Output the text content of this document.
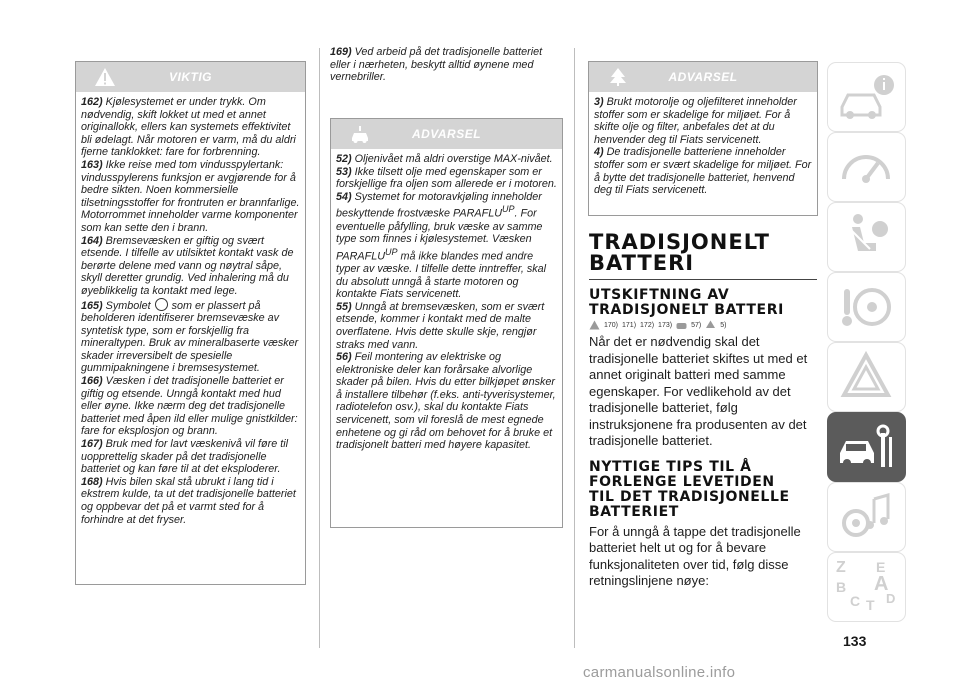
VIKTIG

162) Kjølesystemet er under trykk. Om nødvendig, skift lokket ut med et annet originallokk, ellers kan systemets effektivitet bli ødelagt. Når motoren er varm, må du aldri fjerne tanklokket: fare for forbrenning.

163) Ikke reise med tom vindusspylertank: vindusspylerens funksjon er avgjørende for å bedre sikten. Noen kommersielle tilsetningsstoffer for frontruten er brannfarlige. Motorrommet inneholder varme komponenter som kan sette den i brann.

164) Bremsevæsken er giftig og svært etsende. I tilfelle av utilsiktet kontakt vask de berørte delene med vann og nøytral såpe, skyll deretter grundig. Ved inhalering må du øyeblikkelig ta kontakt med lege.

165) Symbolet som er plassert på beholderen identifiserer bremsevæske av syntetisk type, som er forskjellig fra mineraltypen. Bruk av mineralbaserte væsker skader irreversibelt de spesielle gummipakningene i bremsesystemet.

166) Væsken i det tradisjonelle batteriet er giftig og etsende. Unngå kontakt med hud eller øyne. Ikke nærm deg det tradisjonelle batteriet med åpen ild eller mulige gnistkilder: fare for eksplosjon og brann.

167) Bruk med for lavt væskenivå vil føre til uopprettelig skader på det tradisjonelle batteriet og kan føre til at det eksploderer.

168) Hvis bilen skal stå ubrukt i lang tid i ekstrem kulde, ta ut det tradisjonelle batteriet og oppbevar det på et varmt sted for å forhindre at det fryser.

169) Ved arbeid på det tradisjonelle batteriet eller i nærheten, beskytt alltid øynene med vernebriller.

ADVARSEL

52) Oljenivået må aldri overstige MAX-nivået.

53) Ikke tilsett olje med egenskaper som er forskjellige fra oljen som allerede er i motoren.

54) Systemet for motoravkjøling inneholder beskyttende frostvæske $PARAFLU^{UP}$. For eventuelle påfylling, bruk væske av samme type som finnes i kjølesystemet. Væsken $PARAFLU^{UP}$ må ikke blandes med andre typer av væske. I tilfelle dette inntreffer, skal du absolutt unngå å starte motoren og kontakte Fiats servicenett.

55) Unngå at bremsevæsken, som er svært etsende, kommer i kontakt med de malte overflatene. Hvis dette skulle skje, rengjør straks med vann.

56) Feil montering av elektriske og elektroniske deler kan forårsake alvorlige skader på bilen. Hvis du etter bilkjøpet ønsker å installere tilbehør (f.eks. anti-tyverisystemer, radiotelefon osv.), skal du kontakte Fiats servicenett, som vil foreslå de mest egnede enhetene og gi råd om behovet for å bruke et tradisjonelt batteri med høyere kapasitet.

ADVARSEL

3) Brukt motorolje og oljefilteret inneholder stoffer som er skadelige for miljøet. For å skifte olje og filter, anbefales det at du henvender deg til Fiats servicenett.

4) De tradisjonelle batteriene inneholder stoffer som er svært skadelige for miljøet. For å bytte det tradisjonelle batteriet, henvend deg til Fiats servicenett.

TRADISJONELT
BATTERI
UTSKIFTNING AV
TRADISJONELT BATTERI
170) 171) 172) 173)	57)	5)

Når det er nødvendig skal det tradisjonelle batteriet skiftes ut med et annet originalt batteri med samme egenskaper. For vedlikehold av det tradisjonelle batteriet, følg instruksjonene fra produsenten av det tradisjonelle batteriet.

NYTTIGE TIPS TIL Å
FORLENGE LEVETIDEN
TIL DET TRADISJONELLE
BATTERIET

For å unngå å tappe det tradisjonelle batteriet helt ut og for å bevare funksjonaliteten over tid, følg disse retningslinjene nøye:

Z E
B A
C T D
133
carmanualsonline.info
